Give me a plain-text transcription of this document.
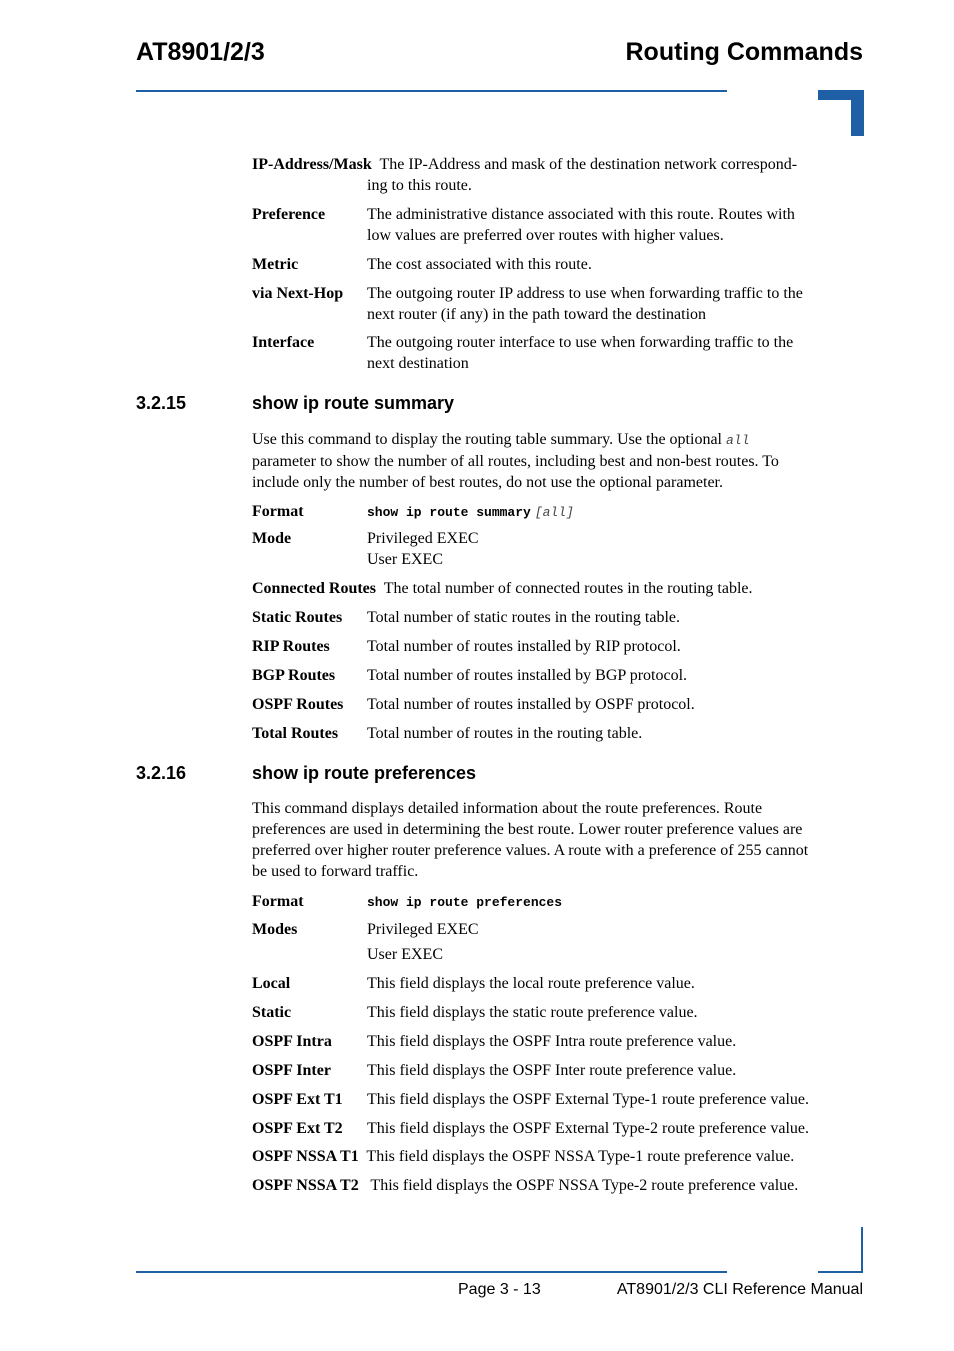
AT8901/2/3	Routing Commands
IP-Address/Mask The IP-Address and mask of the destination network correspond-
ing to this route.
Preference	The administrative distance associated with this route. Routes with
low values are preferred over routes with higher values.
Metric	The cost associated with this route.
via Next-Hop The outgoing router IP address to use when forwarding traffic to the
next router (if any) in the path toward the destination
Interface	The outgoing router interface to use when forwarding traffic to the
next destination
3.2.15	show ip route summary
Use this command to display the routing table summary. Use the optional all
parameter to show the number of all routes, including best and non-best routes. To
include only the number of best routes, do not use the optional parameter.
Format	show ip route summary [all]
Mode	Privileged EXEC
User EXEC
Connected Routes The total number of connected routes in the routing table.
Static Routes Total number of static routes in the routing table.
RIP Routes Total number of routes installed by RIP protocol.
BGP Routes Total number of routes installed by BGP protocol.
OSPF Routes Total number of routes installed by OSPF protocol.
Total Routes Total number of routes in the routing table.
3.2.16	show ip route preferences
This command displays detailed information about the route preferences. Route
preferences are used in determining the best route. Lower router preference values are
preferred over higher router preference values. A route with a preference of 255 cannot
be used to forward traffic.
Format	show ip route preferences
Modes	Privileged EXEC
User EXEC
Local	This field displays the local route preference value.
Static	This field displays the static route preference value.
OSPF Intra This field displays the OSPF Intra route preference value.
OSPF Inter This field displays the OSPF Inter route preference value.
OSPF Ext T1 This field displays the OSPF External Type-1 route preference value.
OSPF Ext T2 This field displays the OSPF External Type-2 route preference value.
OSPF NSSA T1 This field displays the OSPF NSSA Type-1 route preference value.
OSPF NSSA T2 This field displays the OSPF NSSA Type-2 route preference value.
Page 3 - 13	AT8901/2/3 CLI Reference Manual
